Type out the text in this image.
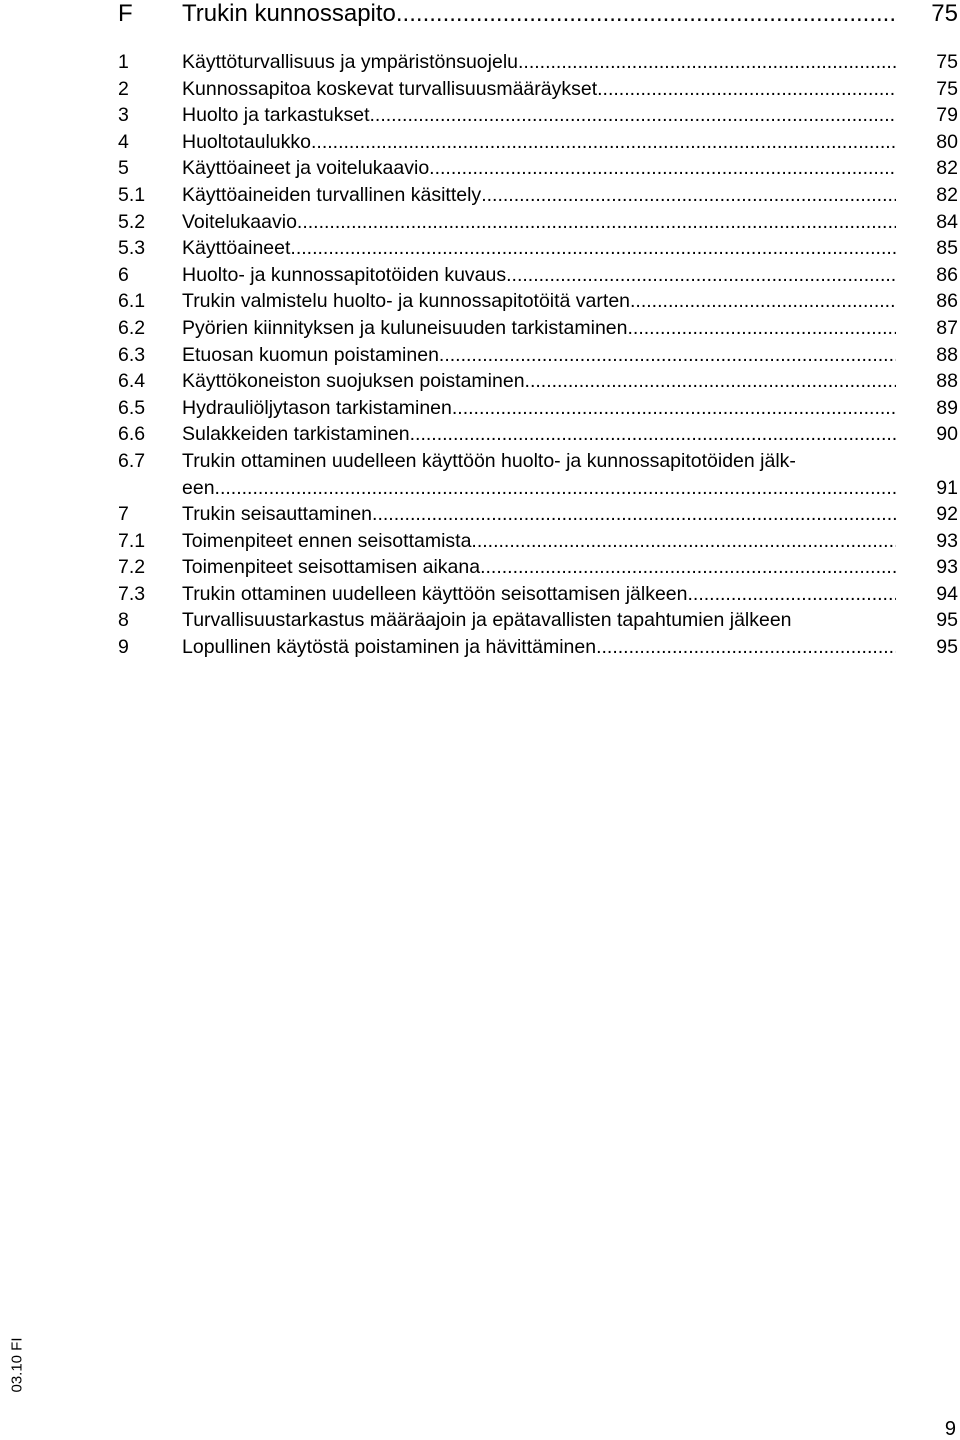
F Trukin kunnossapito .....	75
1	Käyttöturvallisuus ja ympäristönsuojelu .....	75
2	Kunnossapitoa koskevat turvallisuusmääräykset .....	75
3	Huolto ja tarkastukset .....	79
4	Huoltotaulukko .....	80
5	Käyttöaineet ja voitelukaavio .....	82
5.1 Käyttöaineiden turvallinen käsittely .....	82
5.2 Voitelukaavio .....	84
5.3 Käyttöaineet .....	85
6	Huolto- ja kunnossapitotöiden kuvaus .....	86
6.1 Trukin valmistelu huolto- ja kunnossapitotöitä varten .....	86
6.2 Pyörien kiinnityksen ja kuluneisuuden tarkistaminen .....	87
6.3 Etuosan kuomun poistaminen .....	88
6.4 Käyttökoneiston suojuksen poistaminen .....	88
6.5 Hydrauliöljytason tarkistaminen .....	89
6.6 Sulakkeiden tarkistaminen .....	90
6.7 Trukin ottaminen uudelleen käyttöön huolto- ja kunnossapitotöiden jälk-
een .....	91
7	Trukin seisauttaminen .....	92
7.1 Toimenpiteet ennen seisottamista .....	93
7.2 Toimenpiteet seisottamisen aikana .....	93
7.3 Trukin ottaminen uudelleen käyttöön seisottamisen jälkeen .....	94
8	Turvallisuustarkastus määräajoin ja epätavallisten tapahtumien jälkeen	95
9	Lopullinen käytöstä poistaminen ja hävittäminen .....	95
03.10 FI
9
